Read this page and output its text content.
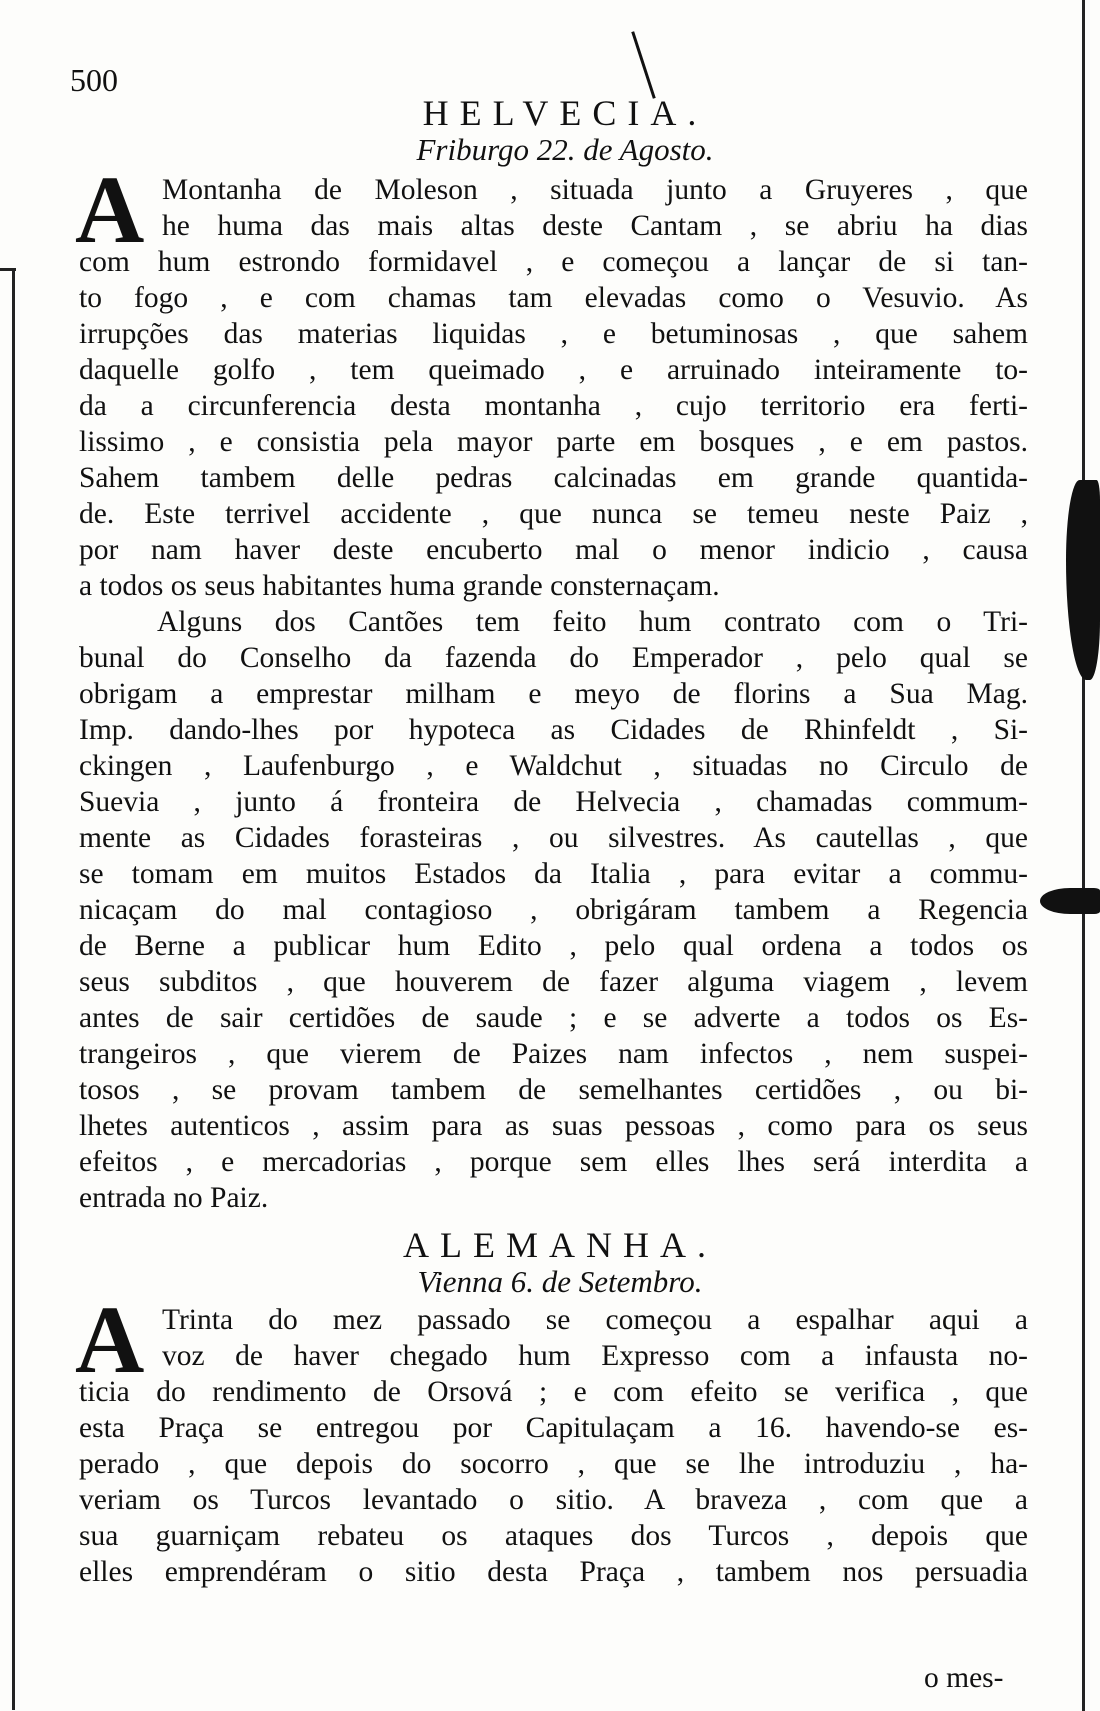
500
HELVECIA.
Friburgo 22. de Agosto.
A Montanha de Moleson , situada junto a Gruyeres , que
he huma das mais altas deste Cantam , se abriu ha dias
com hum estrondo formidavel , e começou a lançar de si tan-
to fogo , e com chamas tam elevadas como o Vesuvio. As
irrupções das materias liquidas , e betuminosas , que sahem
daquelle golfo , tem queimado , e arruinado inteiramente to-
da a circunferencia desta montanha , cujo territorio era ferti-
lissimo , e consistia pela mayor parte em bosques , e em pastos.
Sahem tambem delle pedras calcinadas em grande quantida-
de. Este terrivel accidente , que nunca se temeu neste Paiz ,
por nam haver deste encuberto mal o menor indicio , causa
a todos os seus habitantes huma grande consternaçam.
Alguns dos Cantões tem feito hum contrato com o Tri-
bunal do Conselho da fazenda do Emperador , pelo qual se
obrigam a emprestar milham e meyo de florins a Sua Mag.
Imp. dando-lhes por hypoteca as Cidades de Rhinfeldt , Si-
ckingen , Laufenburgo , e Waldchut , situadas no Circulo de
Suevia , junto á fronteira de Helvecia , chamadas commum-
mente as Cidades forasteiras , ou silvestres. As cautellas , que
se tomam em muitos Estados da Italia , para evitar a commu-
nicaçam do mal contagioso , obrigáram tambem a Regencia
de Berne a publicar hum Edito , pelo qual ordena a todos os
seus subditos , que houverem de fazer alguma viagem , levem
antes de sair certidões de saude ; e se adverte a todos os Es-
trangeiros , que vierem de Paizes nam infectos , nem suspei-
tosos , se provam tambem de semelhantes certidões , ou bi-
lhetes autenticos , assim para as suas pessoas , como para os seus
efeitos , e mercadorias , porque sem elles lhes será interdita a
entrada no Paiz.
ALEMANHA.
Vienna 6. de Setembro.
A Trinta do mez passado se começou a espalhar aqui a
voz de haver chegado hum Expresso com a infausta no-
ticia do rendimento de Orsová ; e com efeito se verifica , que
esta Praça se entregou por Capitulaçam a 16. havendo-se es-
perado , que depois do socorro , que se lhe introduziu , ha-
veriam os Turcos levantado o sitio. A braveza , com que a
sua guarniçam rebateu os ataques dos Turcos , depois que
elles emprendéram o sitio desta Praça , tambem nos persuadia
o mes-
